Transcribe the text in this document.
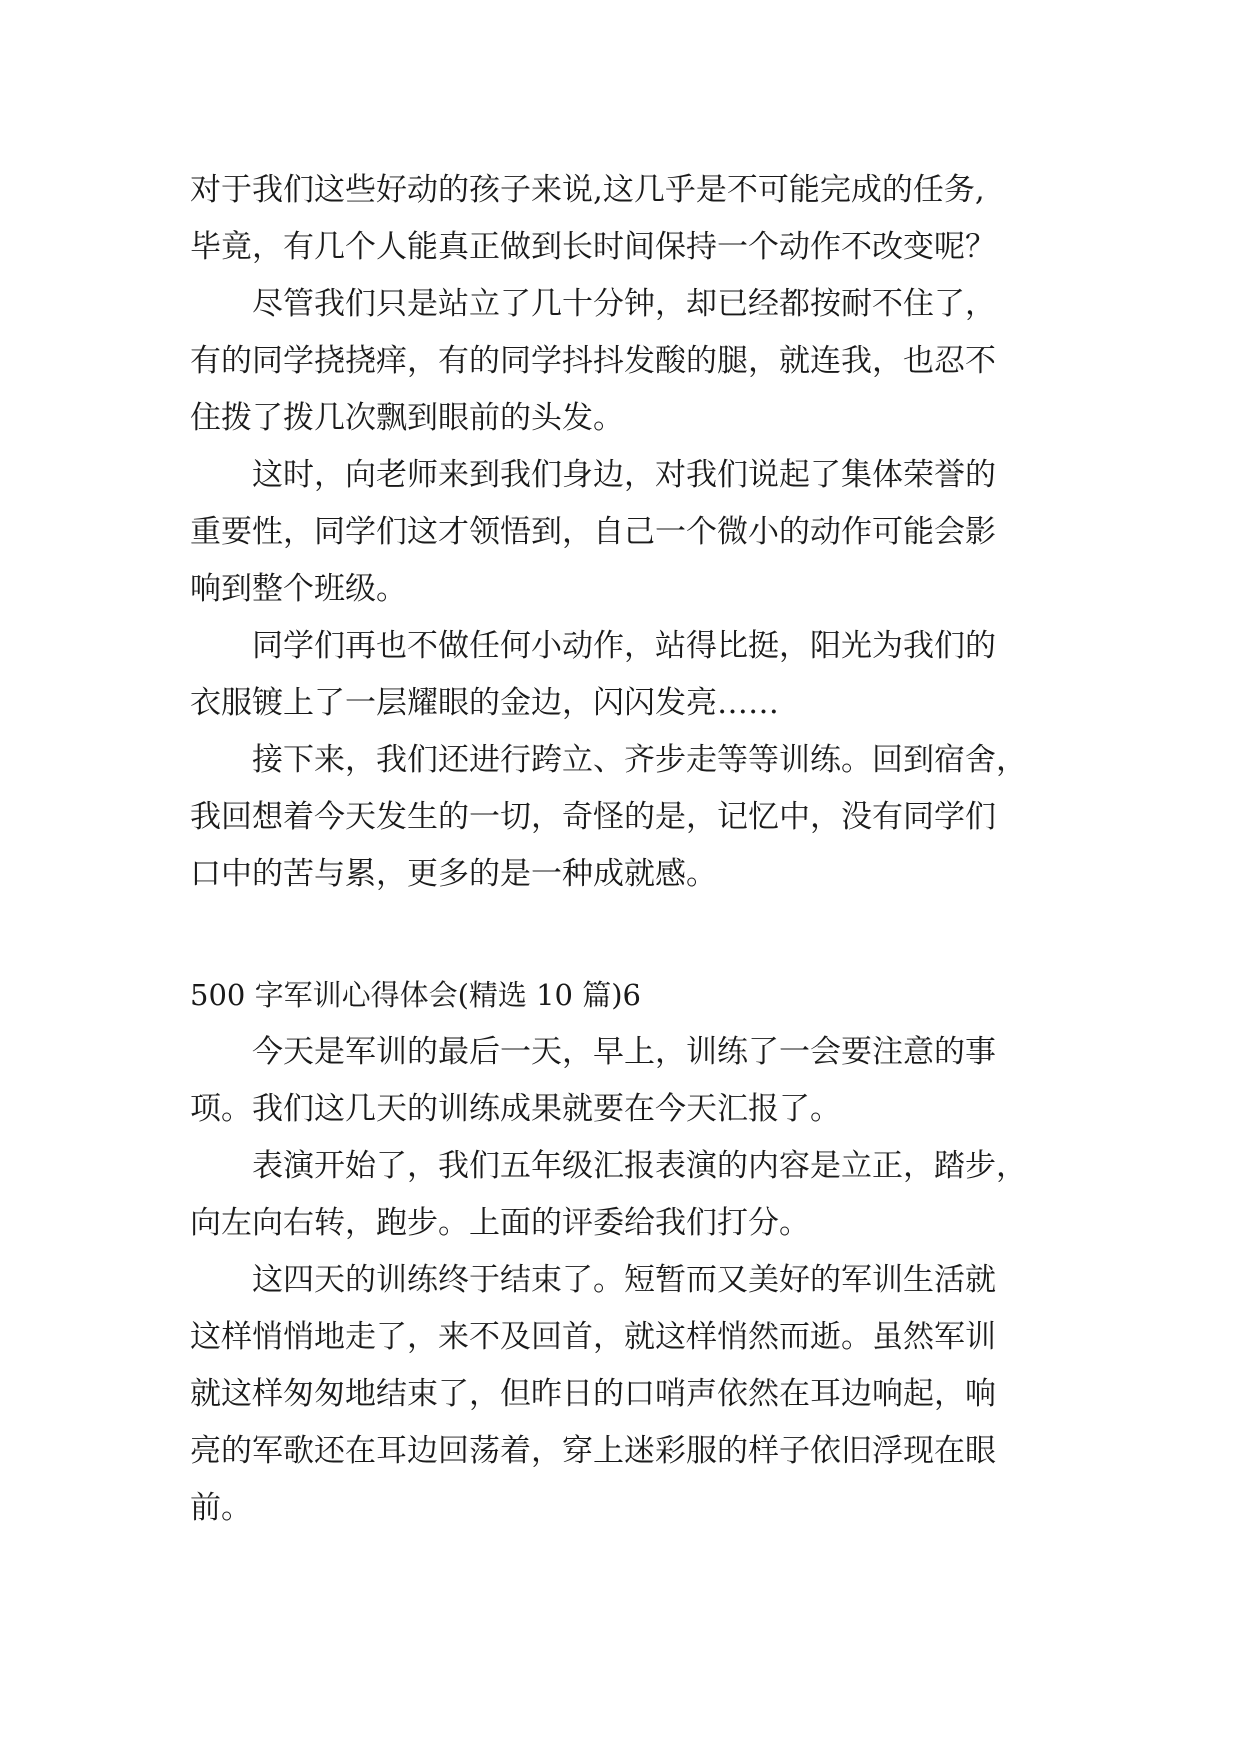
对于我们这些好动的孩子来说,这几乎是不可能完成的任务,
毕竟，有几个人能真正做到长时间保持一个动作不改变呢？
尽管我们只是站立了几十分钟，却已经都按耐不住了，
有的同学挠挠痒，有的同学抖抖发酸的腿，就连我，也忍不
住拨了拨几次飘到眼前的头发。
这时，向老师来到我们身边，对我们说起了集体荣誉的
重要性，同学们这才领悟到，自己一个微小的动作可能会影
响到整个班级。
同学们再也不做任何小动作，站得比挺，阳光为我们的
衣服镀上了一层耀眼的金边，闪闪发亮……
接下来，我们还进行跨立、齐步走等等训练。回到宿舍，
我回想着今天发生的一切，奇怪的是，记忆中，没有同学们
口中的苦与累，更多的是一种成就感。
500 字军训心得体会(精选 10 篇)6
今天是军训的最后一天，早上，训练了一会要注意的事
项。我们这几天的训练成果就要在今天汇报了。
表演开始了，我们五年级汇报表演的内容是立正，踏步，
向左向右转，跑步。上面的评委给我们打分。
这四天的训练终于结束了。短暂而又美好的军训生活就
这样悄悄地走了，来不及回首，就这样悄然而逝。虽然军训
就这样匆匆地结束了，但昨日的口哨声依然在耳边响起，响
亮的军歌还在耳边回荡着，穿上迷彩服的样子依旧浮现在眼
前。
